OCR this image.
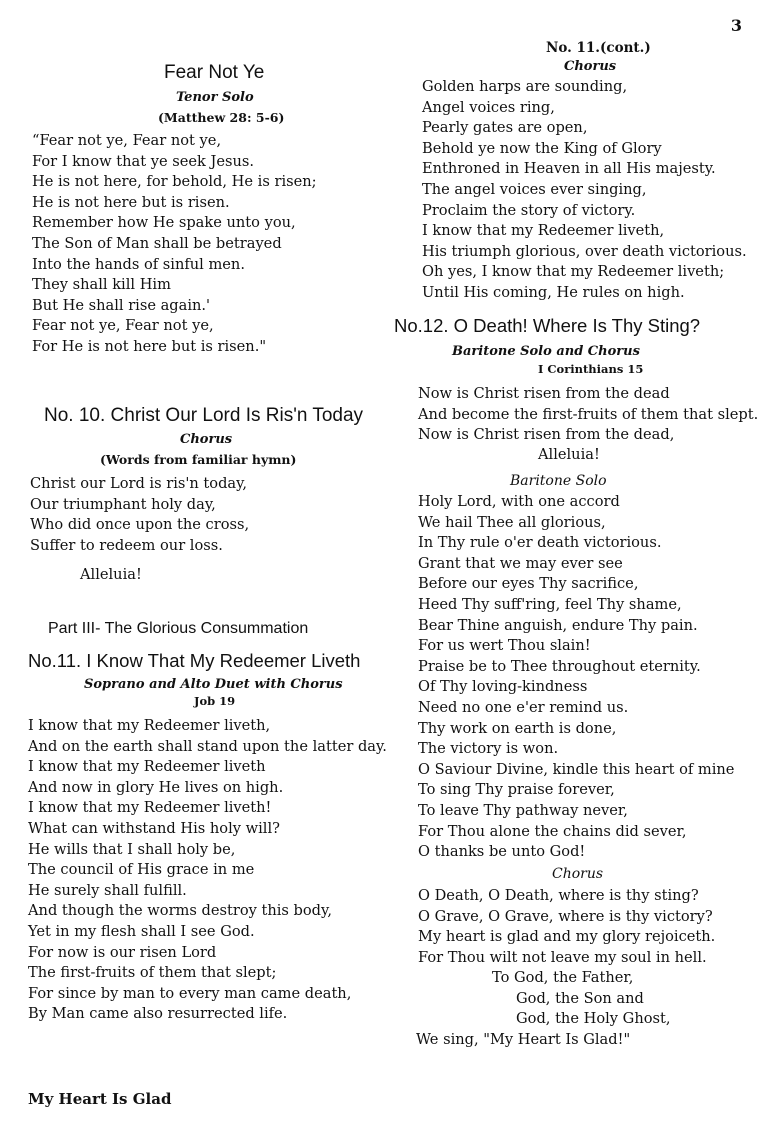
3
Fear Not Ye
Tenor Solo
(Matthew 28: 5-6)
“Fear not ye, Fear not ye,
For I know that ye seek Jesus.
He is not here, for behold, He is risen;
He is not here but is risen.
Remember how He spake unto you,
The Son of Man shall be betrayed
Into the hands of sinful men.
They shall kill Him
But He shall rise again.'
Fear not ye, Fear not ye,
For He is not here but is risen."
No. 10. Christ Our Lord Is Ris'n Today
Chorus
(Words from familiar hymn)
Christ our Lord is ris'n today,
Our triumphant holy day,
Who did once upon the cross,
Suffer to redeem our loss.
Alleluia!
Part III- The Glorious Consummation
No.11. I Know That My Redeemer Liveth
Soprano and Alto Duet with Chorus
Job 19
I know that my Redeemer liveth,
And on the earth shall stand upon the latter day.
I know that my Redeemer liveth
And now in glory He lives on high.
I know that my Redeemer liveth!
What can withstand His holy will?
He wills that I shall holy be,
The council of His grace in me
He surely shall fulfill.
And though the worms destroy this body,
Yet in my flesh shall I see God.
For now is our risen Lord
The first-fruits of them that slept;
For since by man to every man came death,
By Man came also resurrected life.
No. 11.(cont.)
Chorus
Golden harps are sounding,
Angel voices ring,
Pearly gates are open,
Behold ye now the King of Glory
Enthroned in Heaven in all His majesty.
The angel voices ever singing,
Proclaim the story of victory.
I know that my Redeemer liveth,
His triumph glorious, over death victorious.
Oh yes, I know that my Redeemer liveth;
Until His coming, He rules on high.
No.12. O Death! Where Is Thy Sting?
Baritone Solo and Chorus
I Corinthians 15
Now is Christ risen from the dead
And become the first-fruits of them that slept.
Now is Christ risen from the dead,
Alleluia!
Baritone Solo
Holy Lord, with one accord
We hail Thee all glorious,
In Thy rule o'er death victorious.
Grant that we may ever see
Before our eyes Thy sacrifice,
Heed Thy suff'ring, feel Thy shame,
Bear Thine anguish, endure Thy pain.
For us wert Thou slain!
Praise be to Thee throughout eternity.
Of Thy loving-kindness
Need no one e'er remind us.
Thy work on earth is done,
The victory is won.
O Saviour Divine, kindle this heart of mine
To sing Thy praise forever,
To leave Thy pathway never,
For Thou alone the chains did sever,
O thanks be unto God!
Chorus
O Death, O Death, where is thy sting?
O Grave, O Grave, where is thy victory?
My heart is glad and my glory rejoiceth.
For Thou wilt not leave my soul in hell.
To God, the Father,
God, the Son and
God, the Holy Ghost,
We sing, "My Heart Is Glad!"
My Heart Is Glad
